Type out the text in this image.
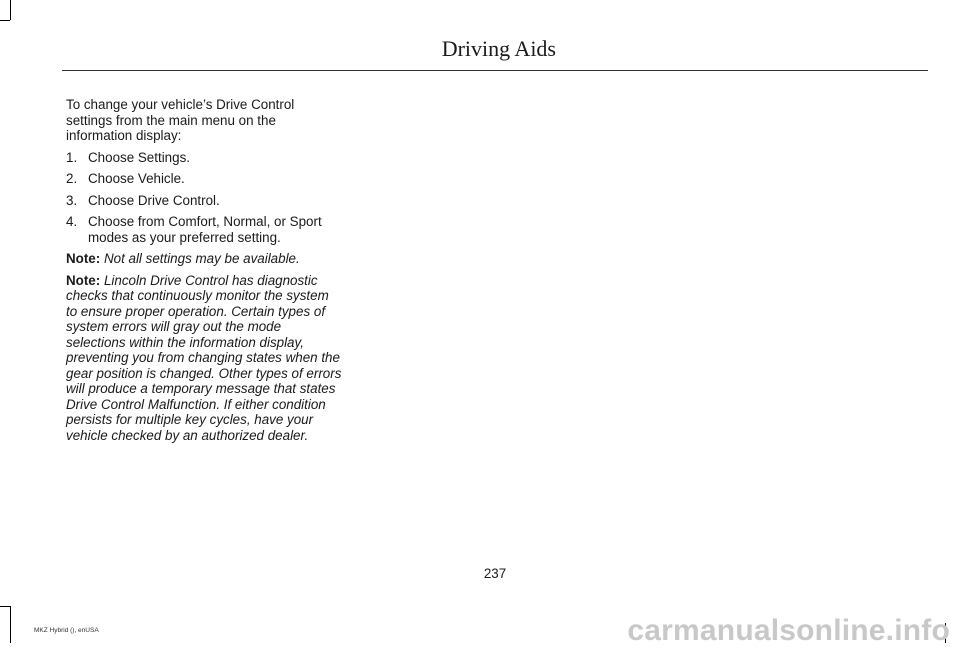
Driving Aids

To change your vehicle’s Drive Control settings from the main menu on the information display:

1. Choose Settings.
2. Choose Vehicle.
3. Choose Drive Control.
4. Choose from Comfort, Normal, or Sport modes as your preferred setting.

Note: Not all settings may be available.

Note: Lincoln Drive Control has diagnostic checks that continuously monitor the system to ensure proper operation. Certain types of system errors will gray out the mode selections within the information display, preventing you from changing states when the gear position is changed. Other types of errors will produce a temporary message that states Drive Control Malfunction. If either condition persists for multiple key cycles, have your vehicle checked by an authorized dealer.

237
MKZ Hybrid (), enUSA	carmanualsonline.info
